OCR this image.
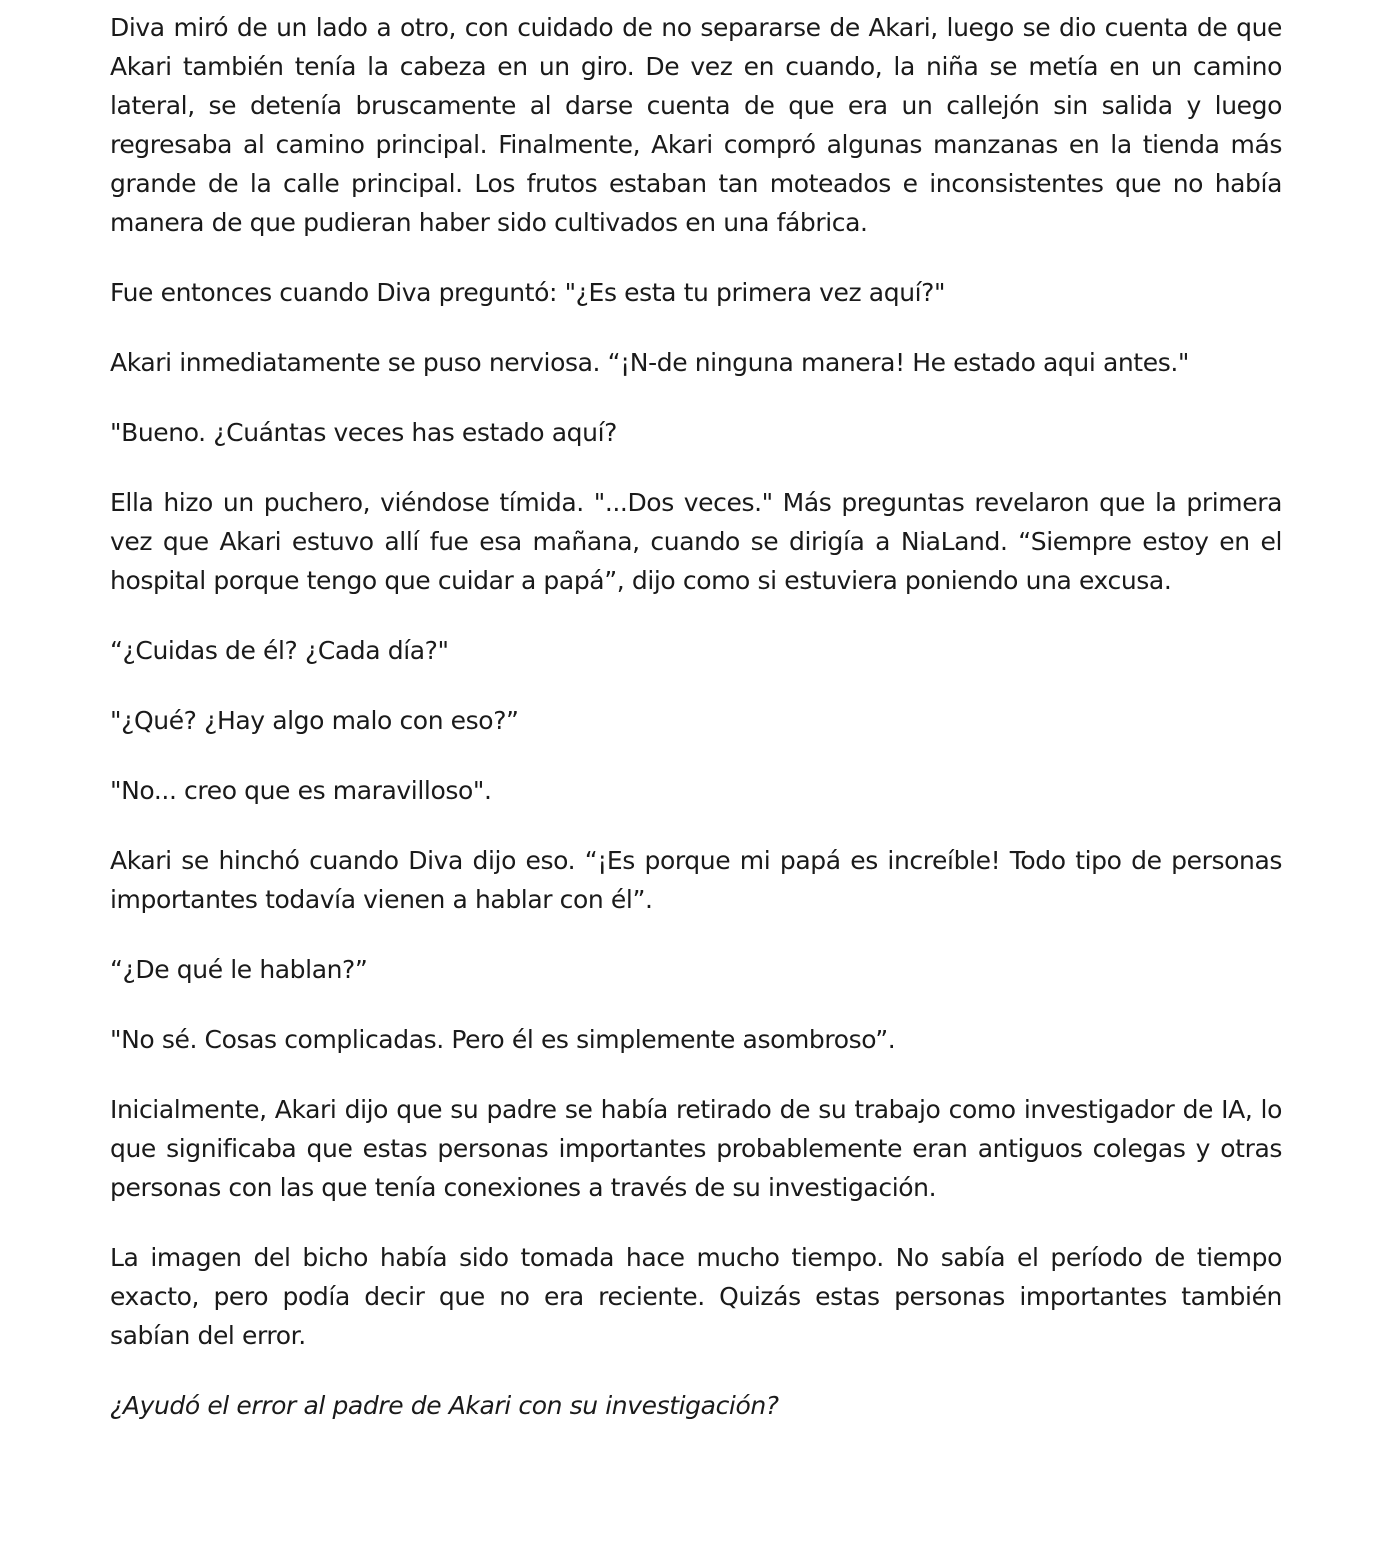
Diva miró de un lado a otro, con cuidado de no separarse de Akari, luego se dio cuenta de que Akari también tenía la cabeza en un giro. De vez en cuando, la niña se metía en un camino lateral, se detenía bruscamente al darse cuenta de que era un callejón sin salida y luego regresaba al camino principal. Finalmente, Akari compró algunas manzanas en la tienda más grande de la calle principal. Los frutos estaban tan moteados e inconsistentes que no había manera de que pudieran haber sido cultivados en una fábrica.

Fue entonces cuando Diva preguntó: "¿Es esta tu primera vez aquí?"

Akari inmediatamente se puso nerviosa. “¡N-de ninguna manera! He estado aqui antes."

"Bueno. ¿Cuántas veces has estado aquí?

Ella hizo un puchero, viéndose tímida. "...Dos veces." Más preguntas revelaron que la primera vez que Akari estuvo allí fue esa mañana, cuando se dirigía a NiaLand. “Siempre estoy en el hospital porque tengo que cuidar a papá”, dijo como si estuviera poniendo una excusa.

“¿Cuidas de él? ¿Cada día?"

"¿Qué? ¿Hay algo malo con eso?”

"No... creo que es maravilloso".

Akari se hinchó cuando Diva dijo eso. “¡Es porque mi papá es increíble! Todo tipo de personas importantes todavía vienen a hablar con él”.

“¿De qué le hablan?”

"No sé. Cosas complicadas. Pero él es simplemente asombroso”.

Inicialmente, Akari dijo que su padre se había retirado de su trabajo como investigador de IA, lo que significaba que estas personas importantes probablemente eran antiguos colegas y otras personas con las que tenía conexiones a través de su investigación.

La imagen del bicho había sido tomada hace mucho tiempo. No sabía el período de tiempo exacto, pero podía decir que no era reciente. Quizás estas personas importantes también sabían del error.

¿Ayudó el error al padre de Akari con su investigación?
